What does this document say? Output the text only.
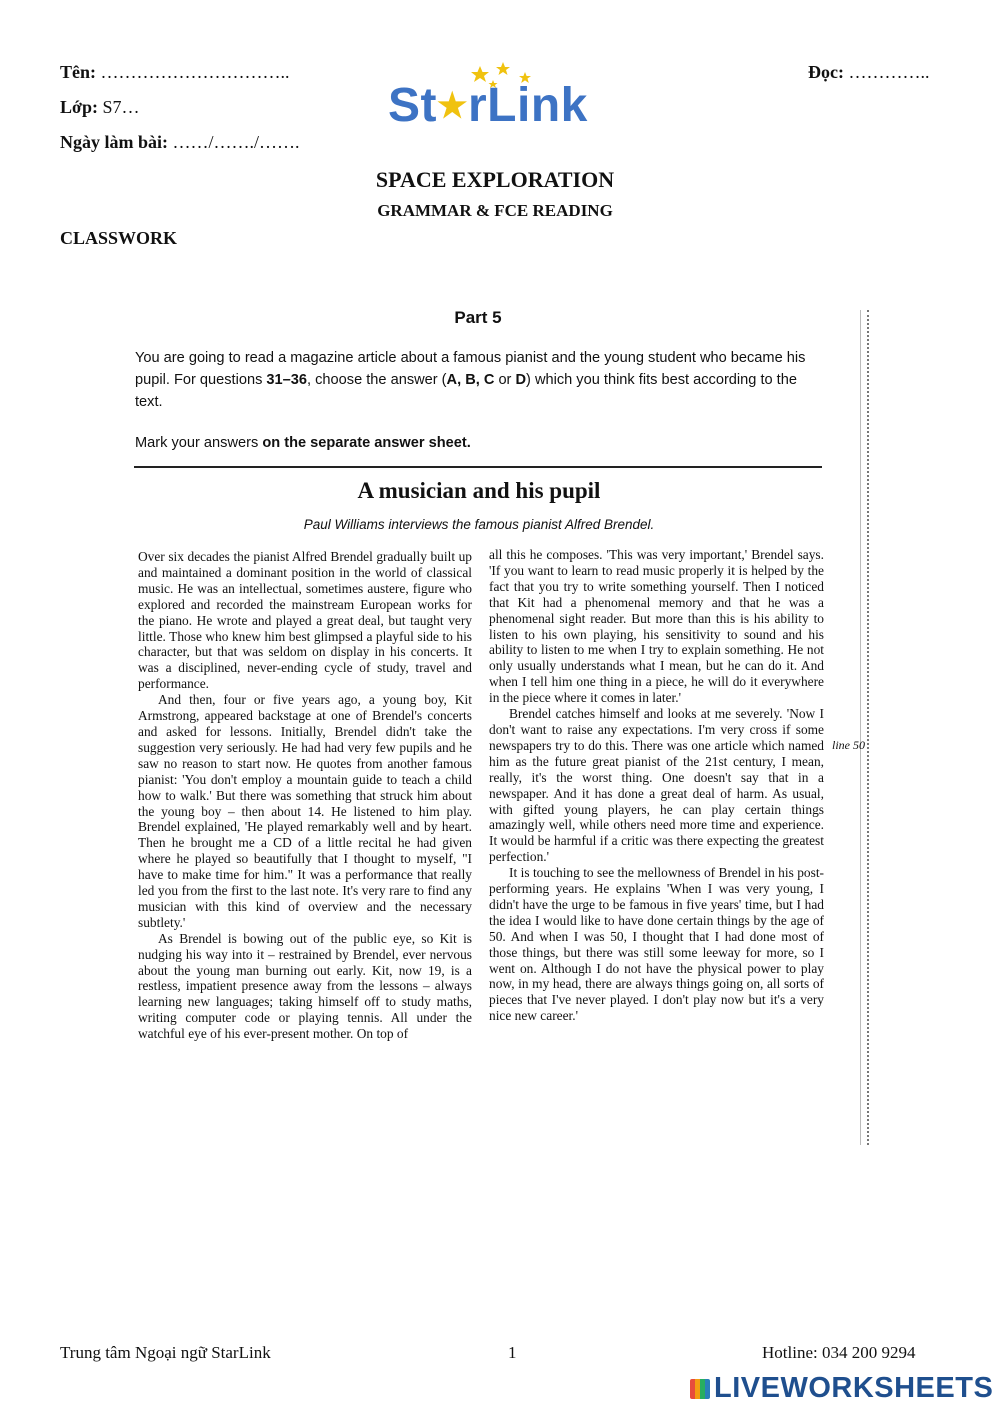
Tên: …………………………..
Lớp: S7…
Ngày làm bài: ……/……./…….
Đọc: …………..
St★rLink
SPACE EXPLORATION
GRAMMAR & FCE READING
CLASSWORK
Part 5
You are going to read a magazine article about a famous pianist and the young student who became his pupil. For questions 31–36, choose the answer (A, B, C or D) which you think fits best according to the text.
Mark your answers on the separate answer sheet.
A musician and his pupil
Paul Williams interviews the famous pianist Alfred Brendel.

Over six decades the pianist Alfred Brendel gradually built up and maintained a dominant position in the world of classical music. He was an intellectual, sometimes austere, figure who explored and recorded the mainstream European works for the piano. He wrote and played a great deal, but taught very little. Those who knew him best glimpsed a playful side to his character, but that was seldom on display in his concerts. It was a disciplined, never-ending cycle of study, travel and performance.

And then, four or five years ago, a young boy, Kit Armstrong, appeared backstage at one of Brendel's concerts and asked for lessons. Initially, Brendel didn't take the suggestion very seriously. He had had very few pupils and he saw no reason to start now. He quotes from another famous pianist: 'You don't employ a mountain guide to teach a child how to walk.' But there was something that struck him about the young boy – then about 14. He listened to him play. Brendel explained, 'He played remarkably well and by heart. Then he brought me a CD of a little recital he had given where he played so beautifully that I thought to myself, "I have to make time for him." It was a performance that really led you from the first to the last note. It's very rare to find any musician with this kind of overview and the necessary subtlety.'

As Brendel is bowing out of the public eye, so Kit is nudging his way into it – restrained by Brendel, ever nervous about the young man burning out early. Kit, now 19, is a restless, impatient presence away from the lessons – always learning new languages; taking himself off to study maths, writing computer code or playing tennis. All under the watchful eye of his ever-present mother. On top of

all this he composes. 'This was very important,' Brendel says. 'If you want to learn to read music properly it is helped by the fact that you try to write something yourself. Then I noticed that Kit had a phenomenal memory and that he was a phenomenal sight reader. But more than this is his ability to listen to his own playing, his sensitivity to sound and his ability to listen to me when I try to explain something. He not only usually understands what I mean, but he can do it. And when I tell him one thing in a piece, he will do it everywhere in the piece where it comes in later.'

Brendel catches himself and looks at me severely. 'Now I don't want to raise any expectations. I'm very cross if some newspapers try to do this. There was one article which named him as the future great pianist of the 21st century, I mean, really, it's the worst thing. One doesn't say that in a newspaper. And it has done a great deal of harm. As usual, with gifted young players, he can play certain things amazingly well, while others need more time and experience. It would be harmful if a critic was there expecting the greatest perfection.'

It is touching to see the mellowness of Brendel in his post-performing years. He explains 'When I was very young, I didn't have the urge to be famous in five years' time, but I had the idea I would like to have done certain things by the age of 50. And when I was 50, I thought that I had done most of those things, but there was still some leeway for more, so I went on. Although I do not have the physical power to play now, in my head, there are always things going on, all sorts of pieces that I've never played. I don't play now but it's a very nice new career.'

line 50
Trung tâm Ngoại ngữ StarLink	1	Hotline: 034 200 9294
LIVEWORKSHEETS
